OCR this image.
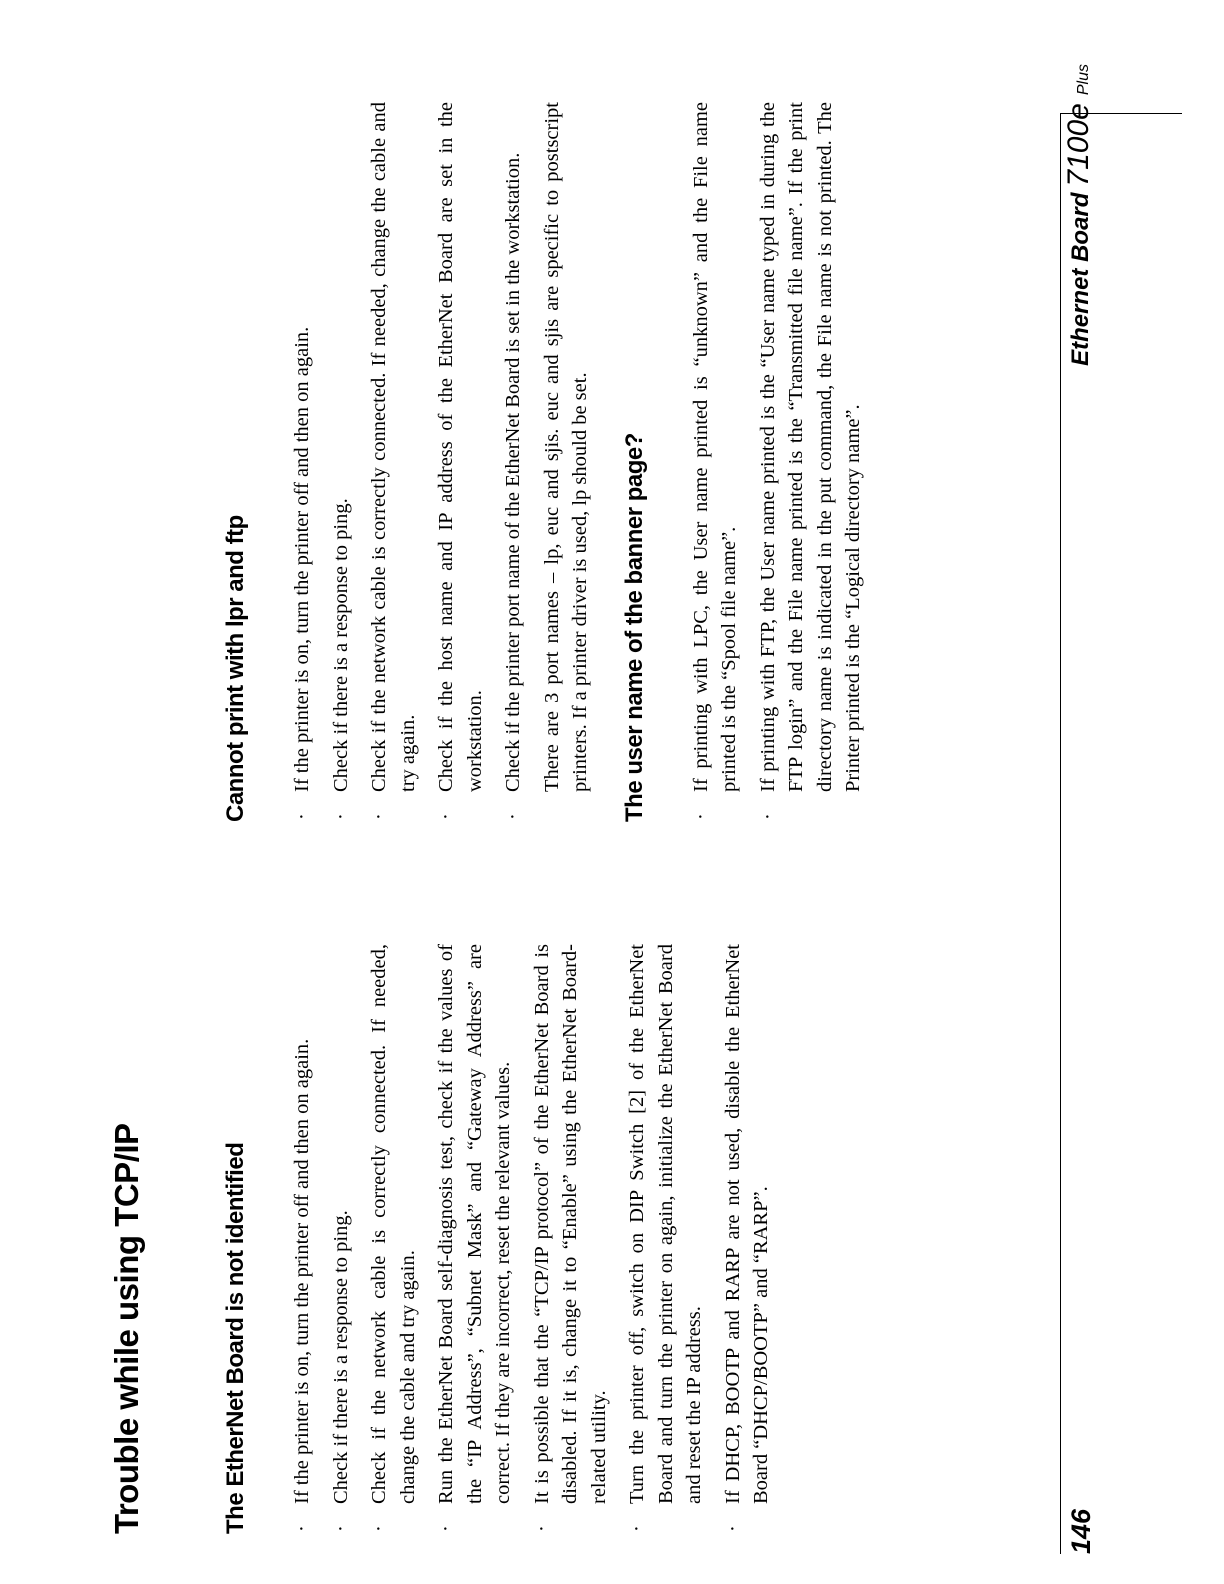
Trouble while using TCP/IP	The EtherNet Board is not identified ·
If the printer is on, turn the printer off and then on again.
·
Check if there is a response to ping.
·
Check if the network cable is correctly connected. If needed, change the cable and try again.
·
Run the EtherNet Board self-diagnosis test, check if the values of the “IP Address”, “Subnet Mask” and “Gateway Address” are correct. If they are incorrect, reset the relevant values.
·
It is possible that the “TCP/IP protocol” of the EtherNet Board is disabled. If it is, change it to “Enable” using the EtherNet Board-related utility.
·
Turn the printer off, switch on DIP Switch [2] of the EtherNet Board and turn the printer on again, initialize the EtherNet Board and reset the IP address.
·
If DHCP, BOOTP and RARP are not used, disable the EtherNet Board “DHCP/BOOTP” and “RARP”.
Cannot print with lpr and ftp ·
If the printer is on, turn the printer off and then on again.
·
Check if there is a response to ping.
·
Check if the network cable is correctly connected. If needed, change the cable and try again.
·
Check if the host name and IP address of the EtherNet Board are set in the workstation.
·
Check if the printer port name of the EtherNet Board is set in the workstation. There are 3 port names – lp, euc and sjis. euc and sjis are specific to postscript printers. If a printer driver is used, lp should be set. The user name of the banner page? ·
If printing with LPC, the User name printed is “unknown” and the File name printed is the “Spool file name”.
·
If printing with FTP, the User name printed is the “User name typed in during the FTP login” and the File name printed is the “Transmitted file name”. If the print directory name is indicated in the put command, the File name is not printed. The Printer printed is the “Logical directory name”.
146
Ethernet Board7100ePlus
